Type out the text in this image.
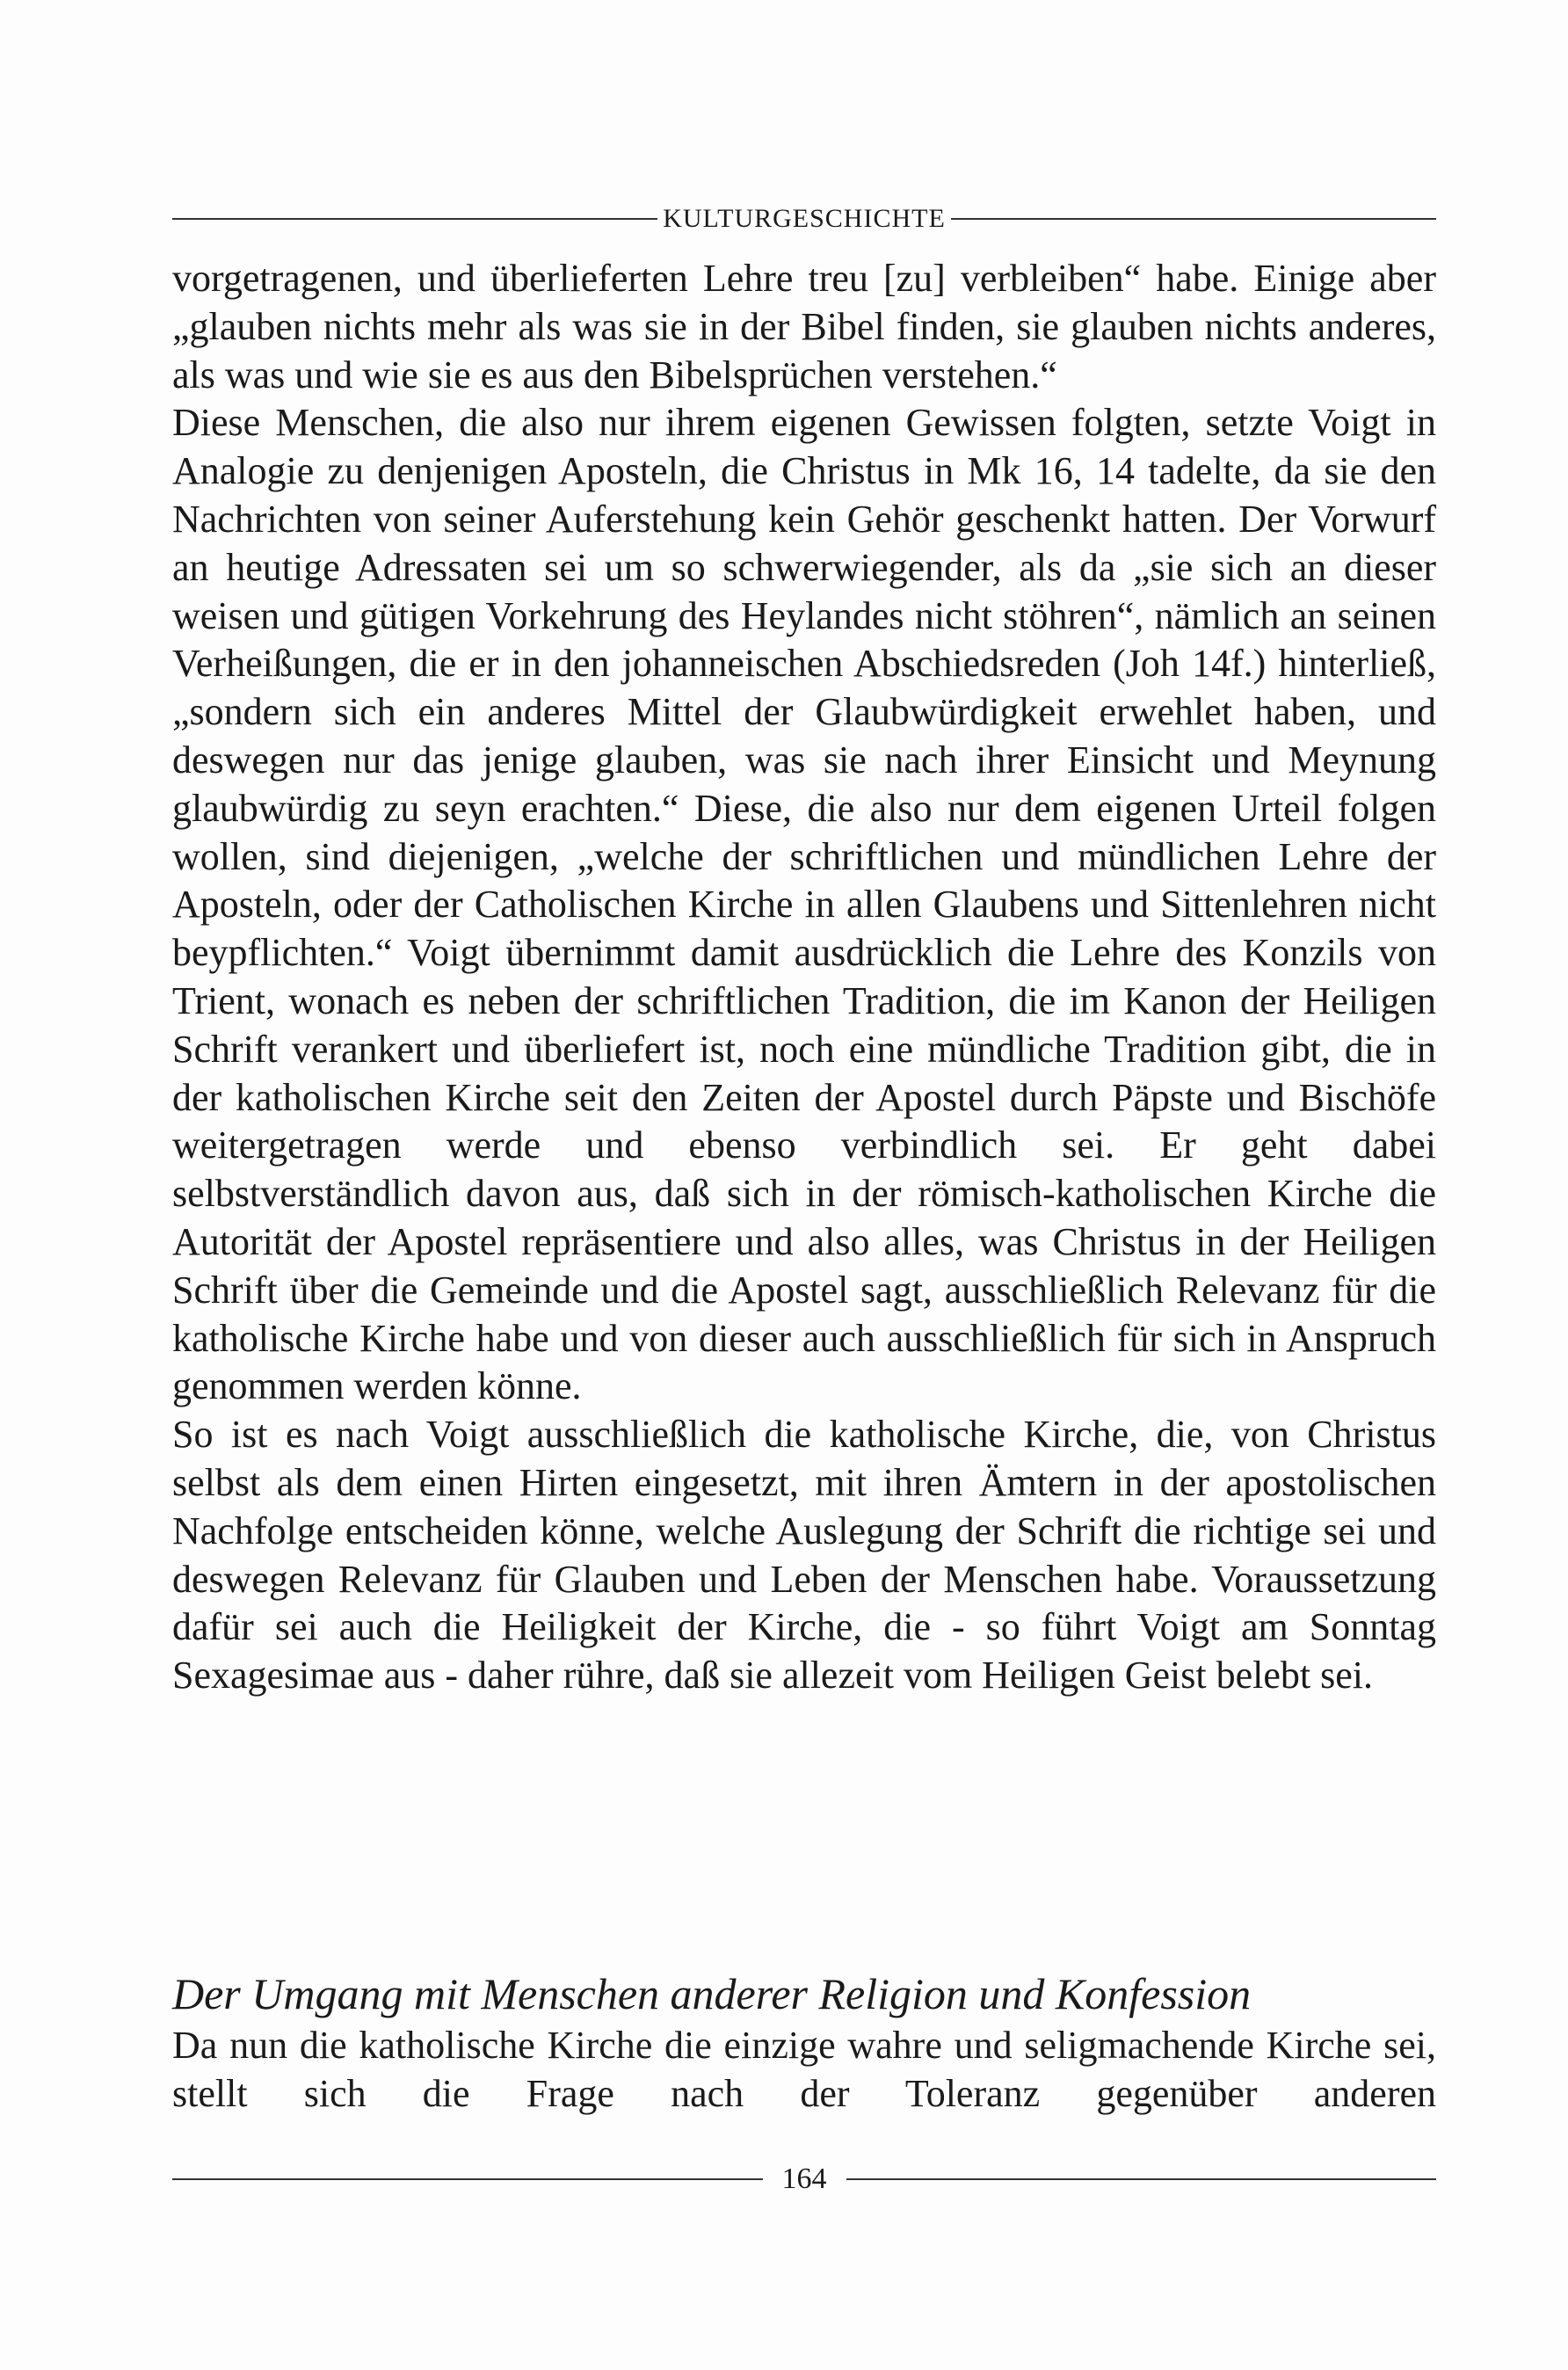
KULTURGESCHICHTE

vorgetragenen, und überlieferten Lehre treu [zu] verbleiben“ habe. Einige aber „glauben nichts mehr als was sie in der Bibel finden, sie glauben nichts anderes, als was und wie sie es aus den Bibelsprüchen verstehen.“

Diese Menschen, die also nur ihrem eigenen Gewissen folgten, setzte Voigt in Analogie zu denjenigen Aposteln, die Christus in Mk 16, 14 tadelte, da sie den Nachrichten von seiner Auferstehung kein Gehör geschenkt hatten. Der Vorwurf an heutige Adressaten sei um so schwerwiegender, als da „sie sich an dieser weisen und gütigen Vorkehrung des Heylandes nicht stöhren“, nämlich an seinen Verheißungen, die er in den johanneischen Abschiedsreden (Joh 14f.) hinterließ, „sondern sich ein anderes Mittel der Glaubwürdigkeit erwehlet haben, und deswegen nur das jenige glauben, was sie nach ihrer Einsicht und Meynung glaubwürdig zu seyn erachten.“ Diese, die also nur dem eigenen Urteil folgen wollen, sind diejenigen, „welche der schriftlichen und mündlichen Lehre der Aposteln, oder der Catholischen Kirche in allen Glaubens und Sittenlehren nicht beypflichten.“ Voigt übernimmt damit ausdrücklich die Lehre des Konzils von Trient, wonach es neben der schriftlichen Tradition, die im Kanon der Heiligen Schrift verankert und überliefert ist, noch eine mündliche Tradition gibt, die in der katholischen Kirche seit den Zeiten der Apostel durch Päpste und Bischöfe weitergetragen werde und ebenso verbindlich sei. Er geht dabei selbstverständlich davon aus, daß sich in der römisch-katholischen Kirche die Autorität der Apostel repräsentiere und also alles, was Christus in der Heiligen Schrift über die Gemeinde und die Apostel sagt, ausschließlich Relevanz für die katholische Kirche habe und von dieser auch ausschließlich für sich in Anspruch genommen werden könne.

So ist es nach Voigt ausschließlich die katholische Kirche, die, von Christus selbst als dem einen Hirten eingesetzt, mit ihren Ämtern in der apostolischen Nachfolge entscheiden könne, welche Auslegung der Schrift die richtige sei und deswegen Relevanz für Glauben und Leben der Menschen habe. Voraussetzung dafür sei auch die Heiligkeit der Kirche, die - so führt Voigt am Sonntag Sexagesimae aus - daher rühre, daß sie allezeit vom Heiligen Geist belebt sei.

Der Umgang mit Menschen anderer Religion und Konfession

Da nun die katholische Kirche die einzige wahre und seligmachende Kirche sei, stellt sich die Frage nach der Toleranz gegenüber anderen

164
